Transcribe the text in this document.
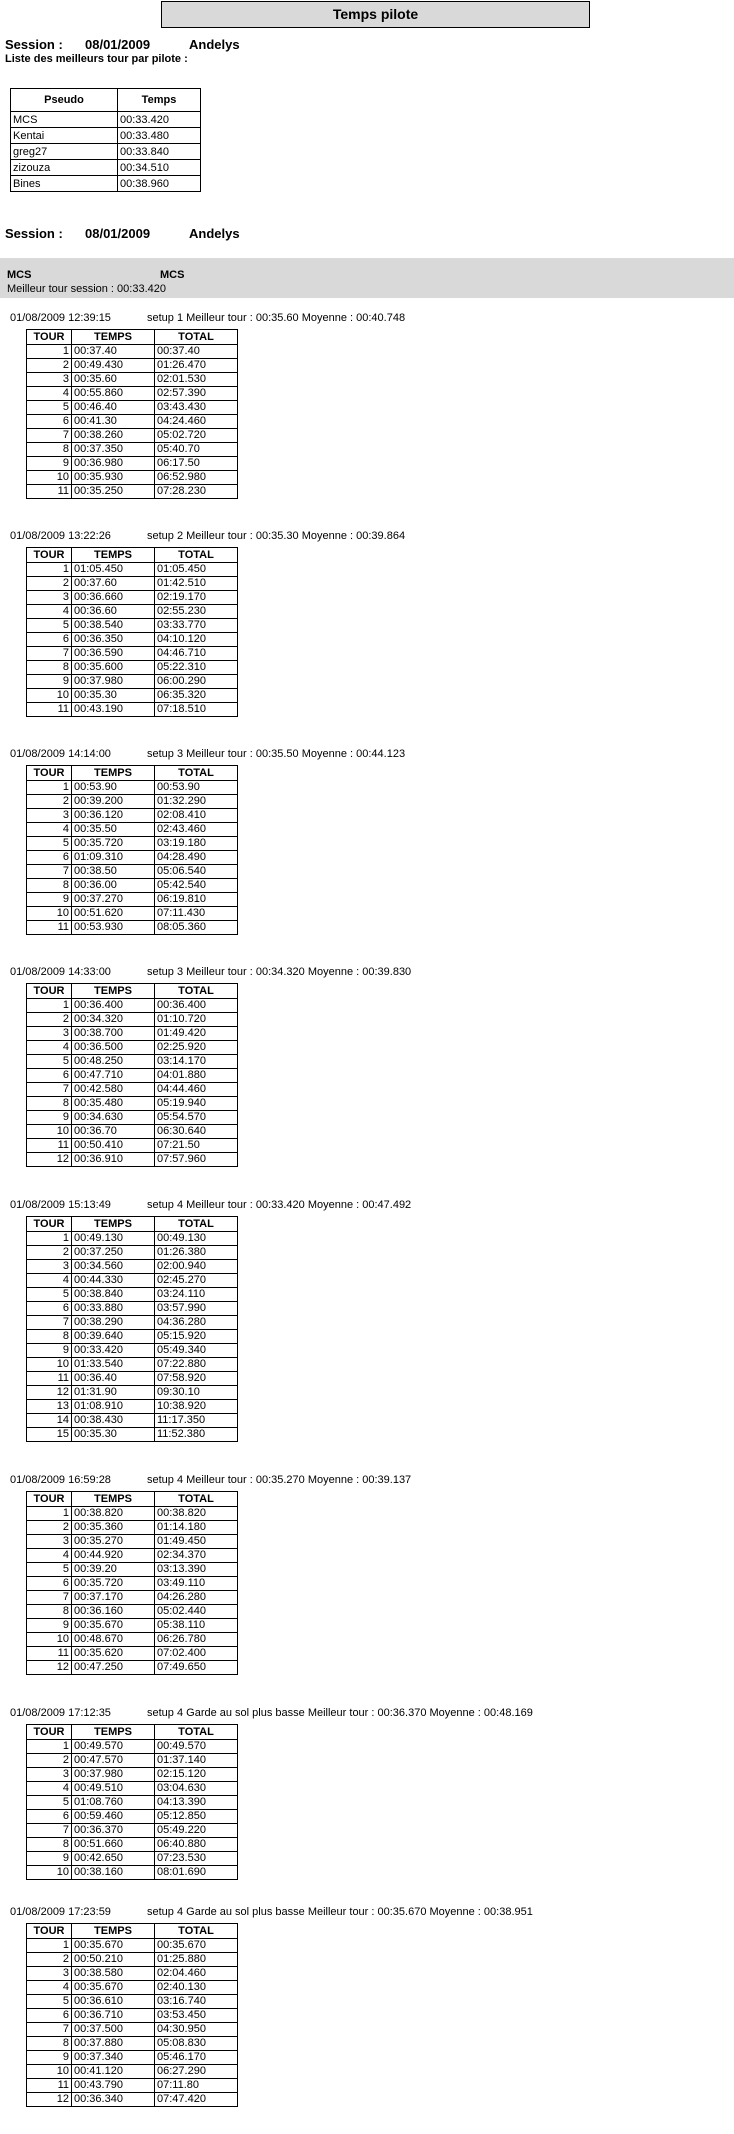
Temps pilote
Session : 08/01/2009	Andelys
Liste des meilleurs tour par pilote :
Pseudo	Temps
MCS	00:33.420
Kentai	00:33.480
greg27	00:33.840
zizouza	00:34.510
Bines	00:38.960
Session : 08/01/2009	Andelys
MCS	MCS
Meilleur tour session : 00:33.420
01/08/2009 12:39:15	setup 1 Meilleur tour : 00:35.60 Moyenne : 00:40.748
TOUR	TEMPS	TOTAL
1	00:37.40	00:37.40
2	00:49.430	01:26.470
3	00:35.60	02:01.530
4	00:55.860	02:57.390
5	00:46.40	03:43.430
6	00:41.30	04:24.460
7	00:38.260	05:02.720
8	00:37.350	05:40.70
9	00:36.980	06:17.50
10	00:35.930	06:52.980
11	00:35.250	07:28.230
01/08/2009 13:22:26	setup 2 Meilleur tour : 00:35.30 Moyenne : 00:39.864
TOUR	TEMPS	TOTAL
1	01:05.450	01:05.450
2	00:37.60	01:42.510
3	00:36.660	02:19.170
4	00:36.60	02:55.230
5	00:38.540	03:33.770
6	00:36.350	04:10.120
7	00:36.590	04:46.710
8	00:35.600	05:22.310
9	00:37.980	06:00.290
10	00:35.30	06:35.320
11	00:43.190	07:18.510
01/08/2009 14:14:00	setup 3 Meilleur tour : 00:35.50 Moyenne : 00:44.123
TOUR	TEMPS	TOTAL
1	00:53.90	00:53.90
2	00:39.200	01:32.290
3	00:36.120	02:08.410
4	00:35.50	02:43.460
5	00:35.720	03:19.180
6	01:09.310	04:28.490
7	00:38.50	05:06.540
8	00:36.00	05:42.540
9	00:37.270	06:19.810
10	00:51.620	07:11.430
11	00:53.930	08:05.360
01/08/2009 14:33:00	setup 3 Meilleur tour : 00:34.320 Moyenne : 00:39.830
TOUR	TEMPS	TOTAL
1	00:36.400	00:36.400
2	00:34.320	01:10.720
3	00:38.700	01:49.420
4	00:36.500	02:25.920
5	00:48.250	03:14.170
6	00:47.710	04:01.880
7	00:42.580	04:44.460
8	00:35.480	05:19.940
9	00:34.630	05:54.570
10	00:36.70	06:30.640
11	00:50.410	07:21.50
12	00:36.910	07:57.960
01/08/2009 15:13:49	setup 4 Meilleur tour : 00:33.420 Moyenne : 00:47.492
TOUR	TEMPS	TOTAL
1	00:49.130	00:49.130
2	00:37.250	01:26.380
3	00:34.560	02:00.940
4	00:44.330	02:45.270
5	00:38.840	03:24.110
6	00:33.880	03:57.990
7	00:38.290	04:36.280
8	00:39.640	05:15.920
9	00:33.420	05:49.340
10	01:33.540	07:22.880
11	00:36.40	07:58.920
12	01:31.90	09:30.10
13	01:08.910	10:38.920
14	00:38.430	11:17.350
15	00:35.30	11:52.380
01/08/2009 16:59:28	setup 4 Meilleur tour : 00:35.270 Moyenne : 00:39.137
TOUR	TEMPS	TOTAL
1	00:38.820	00:38.820
2	00:35.360	01:14.180
3	00:35.270	01:49.450
4	00:44.920	02:34.370
5	00:39.20	03:13.390
6	00:35.720	03:49.110
7	00:37.170	04:26.280
8	00:36.160	05:02.440
9	00:35.670	05:38.110
10	00:48.670	06:26.780
11	00:35.620	07:02.400
12	00:47.250	07:49.650
01/08/2009 17:12:35	setup 4 Garde au sol plus basse Meilleur tour : 00:36.370 Moyenne : 00:48.169
TOUR	TEMPS	TOTAL
1	00:49.570	00:49.570
2	00:47.570	01:37.140
3	00:37.980	02:15.120
4	00:49.510	03:04.630
5	01:08.760	04:13.390
6	00:59.460	05:12.850
7	00:36.370	05:49.220
8	00:51.660	06:40.880
9	00:42.650	07:23.530
10	00:38.160	08:01.690
01/08/2009 17:23:59	setup 4 Garde au sol plus basse Meilleur tour : 00:35.670 Moyenne : 00:38.951
TOUR	TEMPS	TOTAL
1	00:35.670	00:35.670
2	00:50.210	01:25.880
3	00:38.580	02:04.460
4	00:35.670	02:40.130
5	00:36.610	03:16.740
6	00:36.710	03:53.450
7	00:37.500	04:30.950
8	00:37.880	05:08.830
9	00:37.340	05:46.170
10	00:41.120	06:27.290
11	00:43.790	07:11.80
12	00:36.340	07:47.420
